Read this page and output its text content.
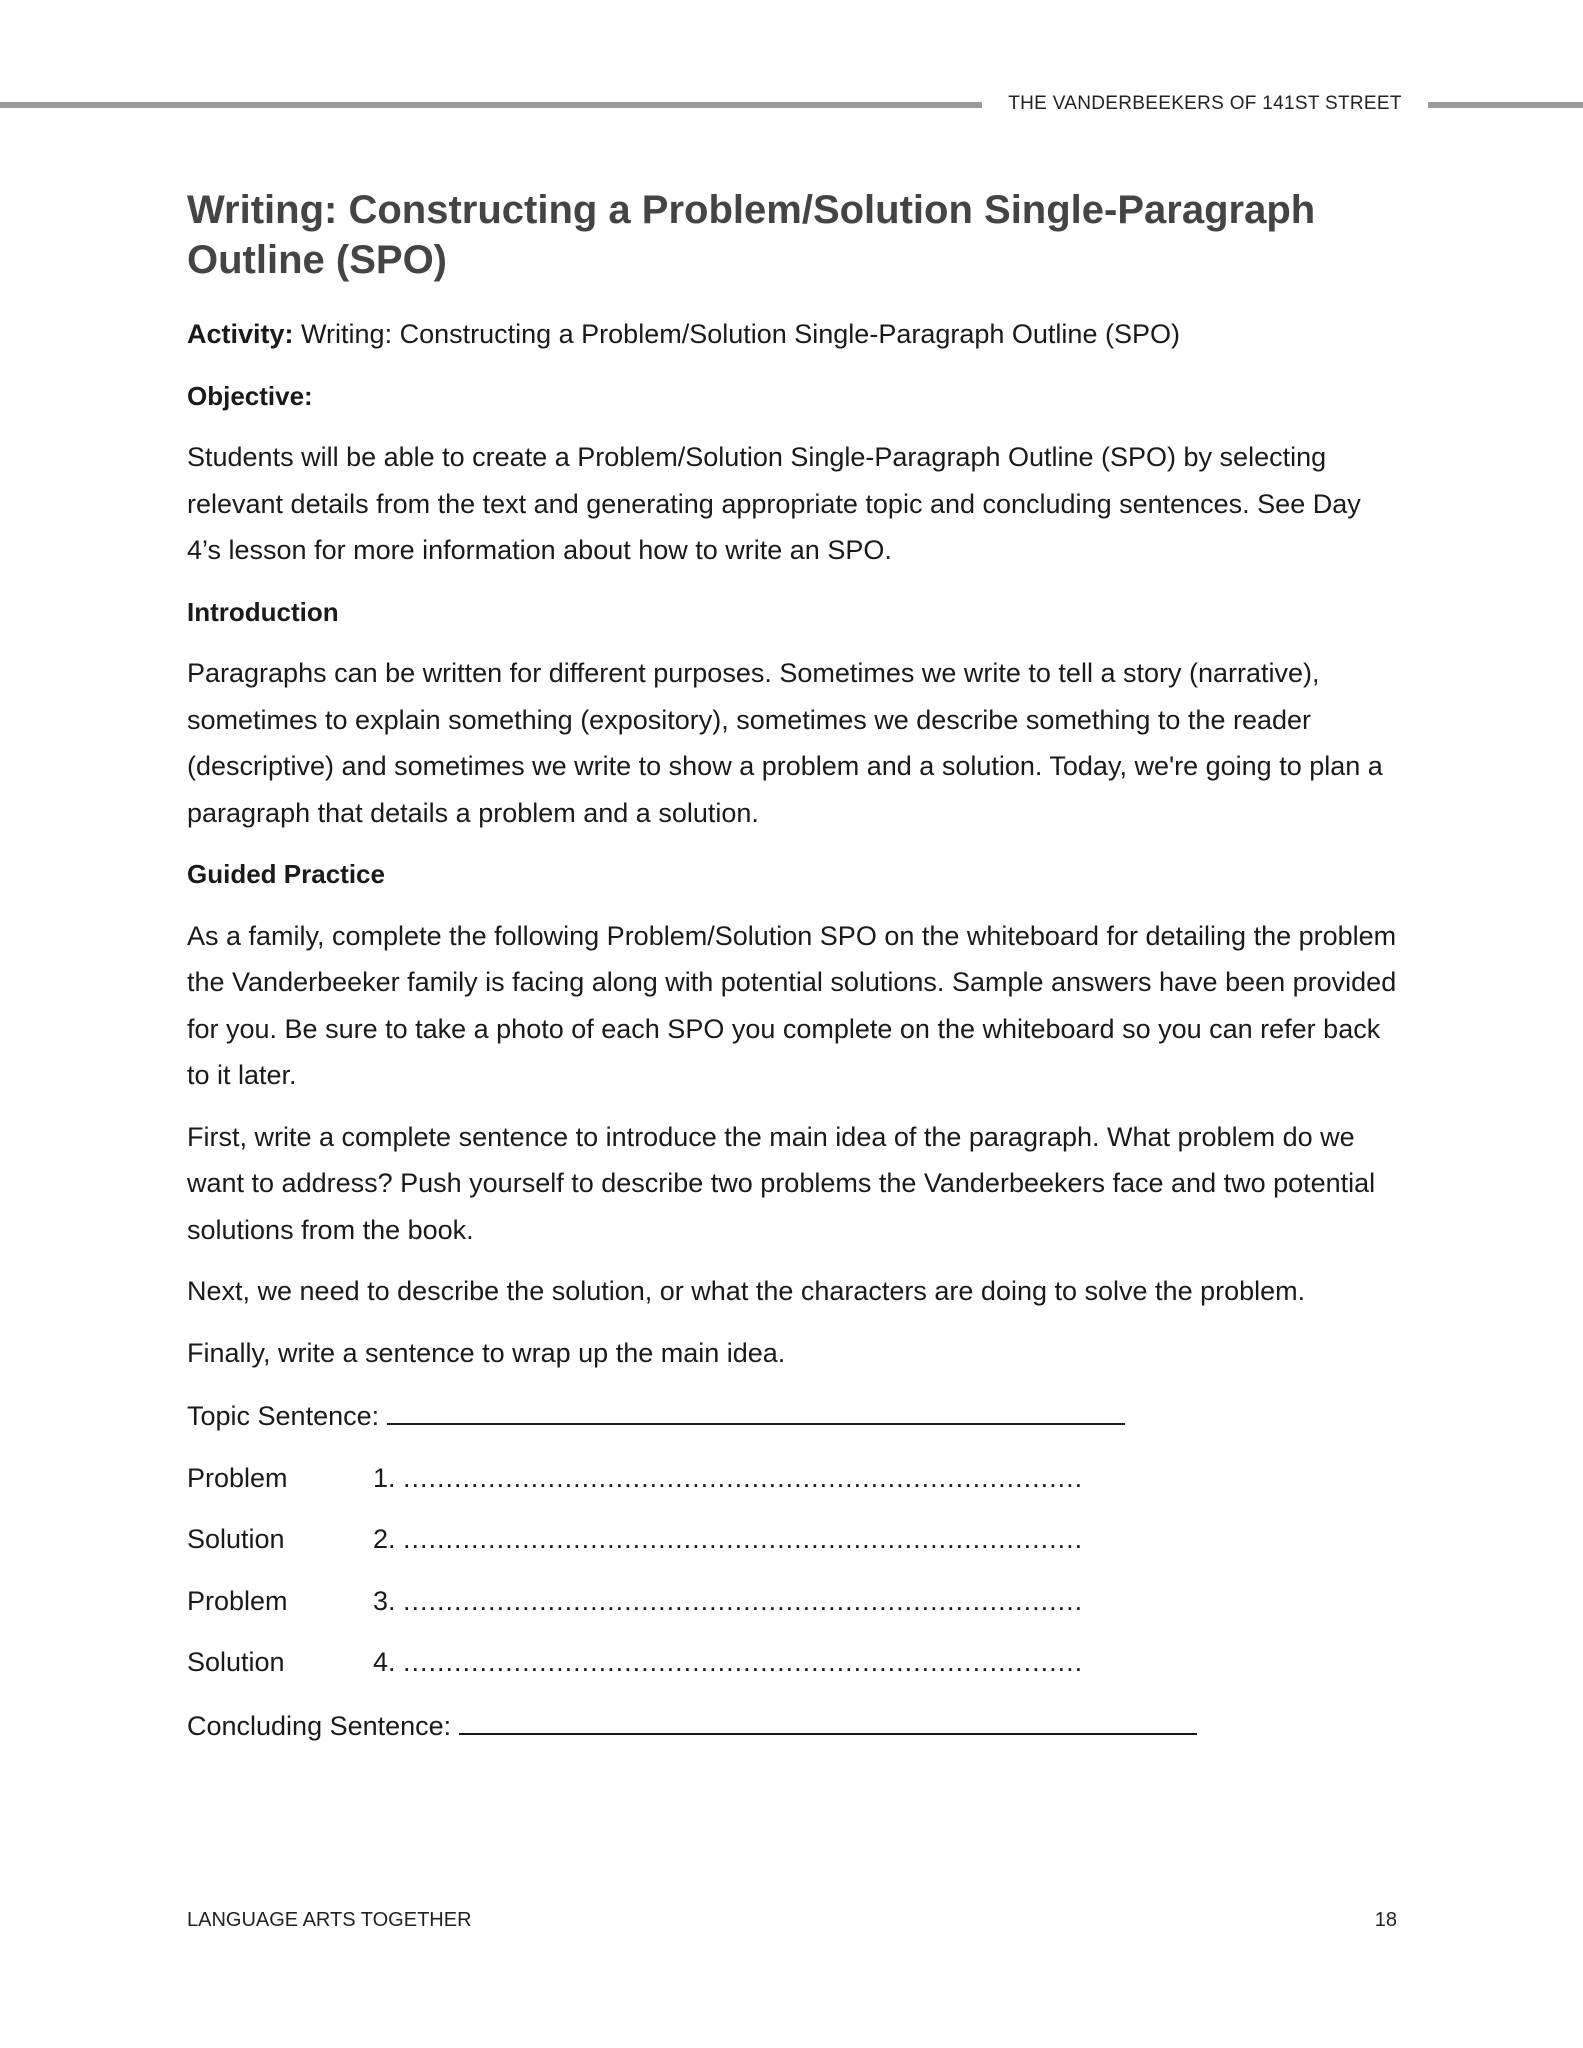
THE VANDERBEEKERS OF 141ST STREET
Writing: Constructing a Problem/Solution Single-Paragraph Outline (SPO)

Activity: Writing: Constructing a Problem/Solution Single-Paragraph Outline (SPO)

Objective:

Students will be able to create a Problem/Solution Single-Paragraph Outline (SPO) by selecting relevant details from the text and generating appropriate topic and concluding sentences. See Day 4’s lesson for more information about how to write an SPO.

Introduction

Paragraphs can be written for different purposes. Sometimes we write to tell a story (narrative), sometimes to explain something (expository), sometimes we describe something to the reader (descriptive) and sometimes we write to show a problem and a solution. Today, we're going to plan a paragraph that details a problem and a solution.

Guided Practice

As a family, complete the following Problem/Solution SPO on the whiteboard for detailing the problem the Vanderbeeker family is facing along with potential solutions. Sample answers have been provided for you. Be sure to take a photo of each SPO you complete on the whiteboard so you can refer back to it later.

First, write a complete sentence to introduce the main idea of the paragraph. What problem do we want to address? Push yourself to describe two problems the Vanderbeekers face and two potential solutions from the book.

Next, we need to describe the solution, or what the characters are doing to solve the problem.

Finally, write a sentence to wrap up the main idea.

Topic Sentence:
Problem	1.
................................................................................
Solution	2.
................................................................................
Problem	3.
................................................................................
Solution	4.
................................................................................
Concluding Sentence:
LANGUAGE ARTS TOGETHER	18
